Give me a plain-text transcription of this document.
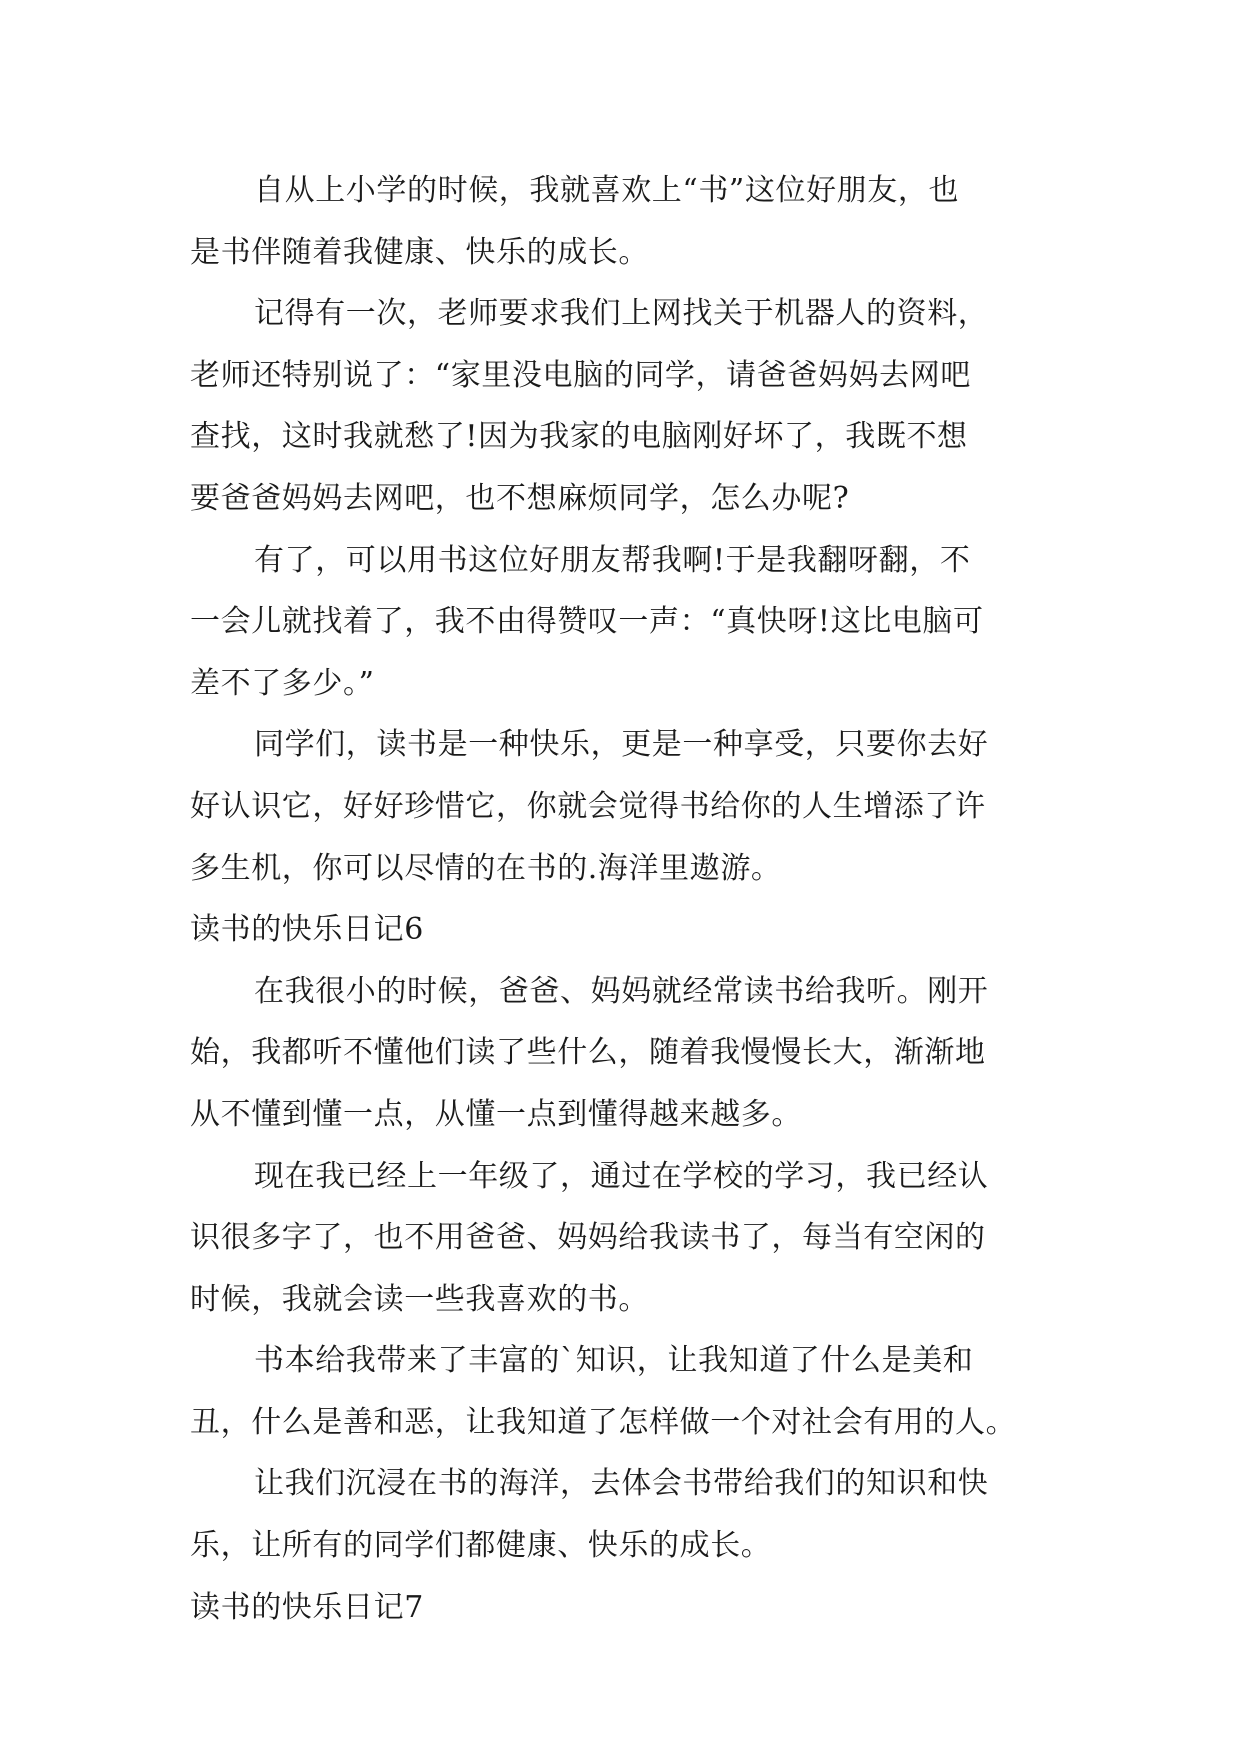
自从上小学的时候，我就喜欢上“书”这位好朋友，也
是书伴随着我健康、快乐的成长。
记得有一次，老师要求我们上网找关于机器人的资料，
老师还特别说了：“家里没电脑的同学，请爸爸妈妈去网吧
查找，这时我就愁了!因为我家的电脑刚好坏了，我既不想
要爸爸妈妈去网吧，也不想麻烦同学，怎么办呢?
有了，可以用书这位好朋友帮我啊!于是我翻呀翻，不
一会儿就找着了，我不由得赞叹一声：“真快呀!这比电脑可
差不了多少。”
同学们，读书是一种快乐，更是一种享受，只要你去好
好认识它，好好珍惜它，你就会觉得书给你的人生增添了许
多生机，你可以尽情的在书的.海洋里遨游。
读书的快乐日记6
在我很小的时候，爸爸、妈妈就经常读书给我听。刚开
始，我都听不懂他们读了些什么，随着我慢慢长大，渐渐地
从不懂到懂一点，从懂一点到懂得越来越多。
现在我已经上一年级了，通过在学校的学习，我已经认
识很多字了，也不用爸爸、妈妈给我读书了，每当有空闲的
时候，我就会读一些我喜欢的书。
书本给我带来了丰富的`知识，让我知道了什么是美和
丑，什么是善和恶，让我知道了怎样做一个对社会有用的人。
让我们沉浸在书的海洋，去体会书带给我们的知识和快
乐，让所有的同学们都健康、快乐的成长。
读书的快乐日记7
